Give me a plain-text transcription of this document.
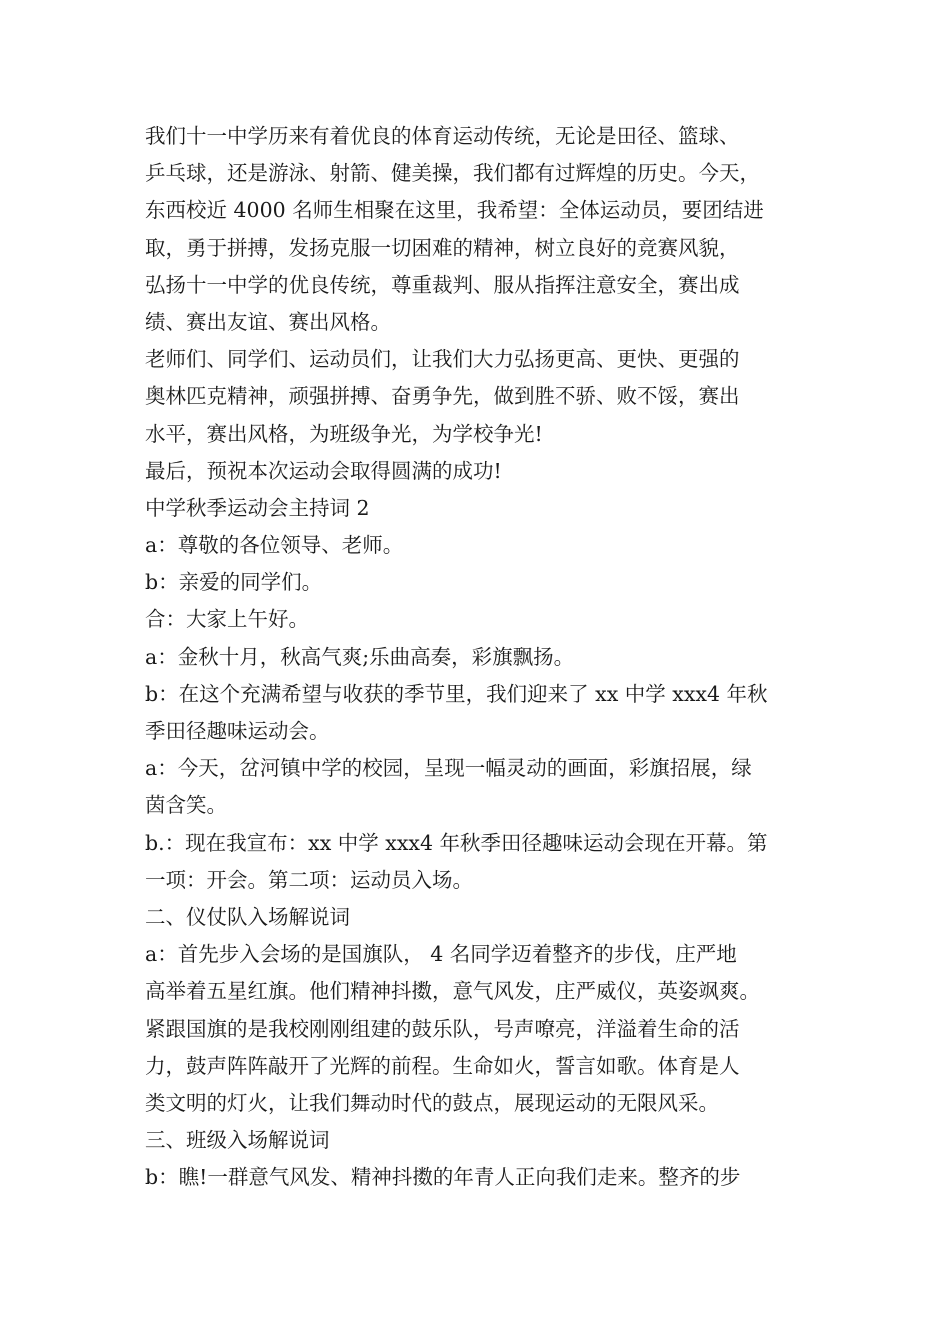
我们十一中学历来有着优良的体育运动传统，无论是田径、篮球、
乒乓球，还是游泳、射箭、健美操，我们都有过辉煌的历史。今天，
东西校近 4000 名师生相聚在这里，我希望：全体运动员，要团结进
取，勇于拼搏，发扬克服一切困难的精神，树立良好的竞赛风貌，
弘扬十一中学的优良传统，尊重裁判、服从指挥注意安全，赛出成
绩、赛出友谊、赛出风格。
老师们、同学们、运动员们，让我们大力弘扬更高、更快、更强的
奥林匹克精神，顽强拼搏、奋勇争先，做到胜不骄、败不馁，赛出
水平，赛出风格，为班级争光，为学校争光!
最后，预祝本次运动会取得圆满的成功!
中学秋季运动会主持词 2
a：尊敬的各位领导、老师。
b：亲爱的同学们。
合：大家上午好。
a：金秋十月，秋高气爽;乐曲高奏，彩旗飘扬。
b：在这个充满希望与收获的季节里，我们迎来了 xx 中学 xxx4 年秋
季田径趣味运动会。
a：今天，岔河镇中学的校园，呈现一幅灵动的画面，彩旗招展，绿
茵含笑。
b.：现在我宣布：xx 中学 xxx4 年秋季田径趣味运动会现在开幕。第
一项：开会。第二项：运动员入场。
二、仪仗队入场解说词
a：首先步入会场的是国旗队， 4 名同学迈着整齐的步伐，庄严地
高举着五星红旗。他们精神抖擞，意气风发，庄严威仪，英姿飒爽。
紧跟国旗的是我校刚刚组建的鼓乐队，号声嘹亮，洋溢着生命的活
力，鼓声阵阵敲开了光辉的前程。生命如火，誓言如歌。体育是人
类文明的灯火，让我们舞动时代的鼓点，展现运动的无限风采。
三、班级入场解说词
b：瞧!一群意气风发、精神抖擞的年青人正向我们走来。整齐的步
